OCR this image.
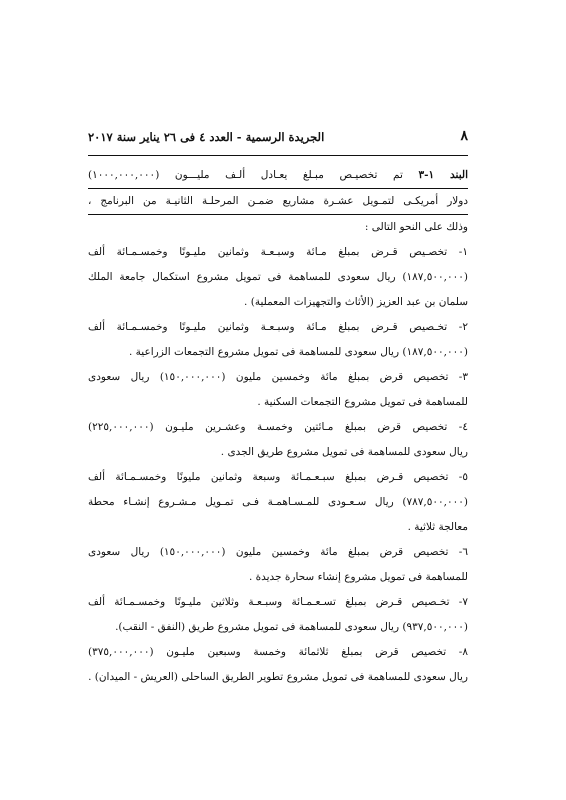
٨
الجريدة الرسمية - العدد ٤ فى ٢٦ يناير سنة ٢٠١٧
البند ١-٣ تم تخصيـص مبـلغ يعـادل ألـف مليـــون (١٠٠٠,٠٠٠,٠٠٠)
دولار أمريكـى لتمـويل عشـرة مشاريع ضمـن المرحلـة الثانيـة من البرنامج ،
وذلك على النحو التالى :
١- تخصـيص قـرض بمبلغ مـائة وسبـعـة وثمانين مليـونًا وخمسـمـائة ألف
(١٨٧,٥٠٠,٠٠٠) ريال سعودى للمساهمة فى تمويل مشروع استكمال جامعة الملك
سلمان بن عبد العزيز (الأثاث والتجهيزات المعملية) .
٢- تخـصيص قـرض بمبلغ مـائة وسبـعـة وثمانين مليـونًا وخمسـمـائة ألف
(١٨٧,٥٠٠,٠٠٠) ريال سعودى للمساهمة فى تمويل مشروع التجمعات الزراعية .
٣- تخصيص قرض بمبلغ مائة وخمسين مليون (١٥٠,٠٠٠,٠٠٠) ريال سعودى
للمساهمة فى تمويل مشروع التجمعات السكنية .
٤- تخصيص قرض بمبلغ مـائتين وخمسـة وعشـرين مليـون (٢٢٥,٠٠٠,٠٠٠)
ريال سعودى للمساهمة فى تمويل مشروع طريق الجدى .
٥- تخصيص قـرض بمبلغ سبـعـمـائة وسبعة وثمانين مليونًا وخمسـمـائة ألف
(٧٨٧,٥٠٠,٠٠٠) ريال سـعـودى للمـسـاهمـة فـى تمـويل مـشـروع إنشـاء محطة
معالجة ثلاثية .
٦- تخصيص قرض بمبلغ مائة وخمسين مليون (١٥٠,٠٠٠,٠٠٠) ريال سعودى
للمساهمة فى تمويل مشروع إنشاء سحارة جديدة .
٧- تخـصيص قـرض بمبلغ تسـعـمـائة وسبـعـة وثلاثين مليـونًا وخمسـمـائة ألف
(٩٣٧,٥٠٠,٠٠٠) ريال سعودى للمساهمة فى تمويل مشروع طريق (النفق - النقب).
٨- تخصيص قرض بمبلغ ثلاثمائة وخمسة وسبعين مليـون (٣٧٥,٠٠٠,٠٠٠)
ريال سعودى للمساهمة فى تمويل مشروع تطوير الطريق الساحلى (العريش - الميدان) .
